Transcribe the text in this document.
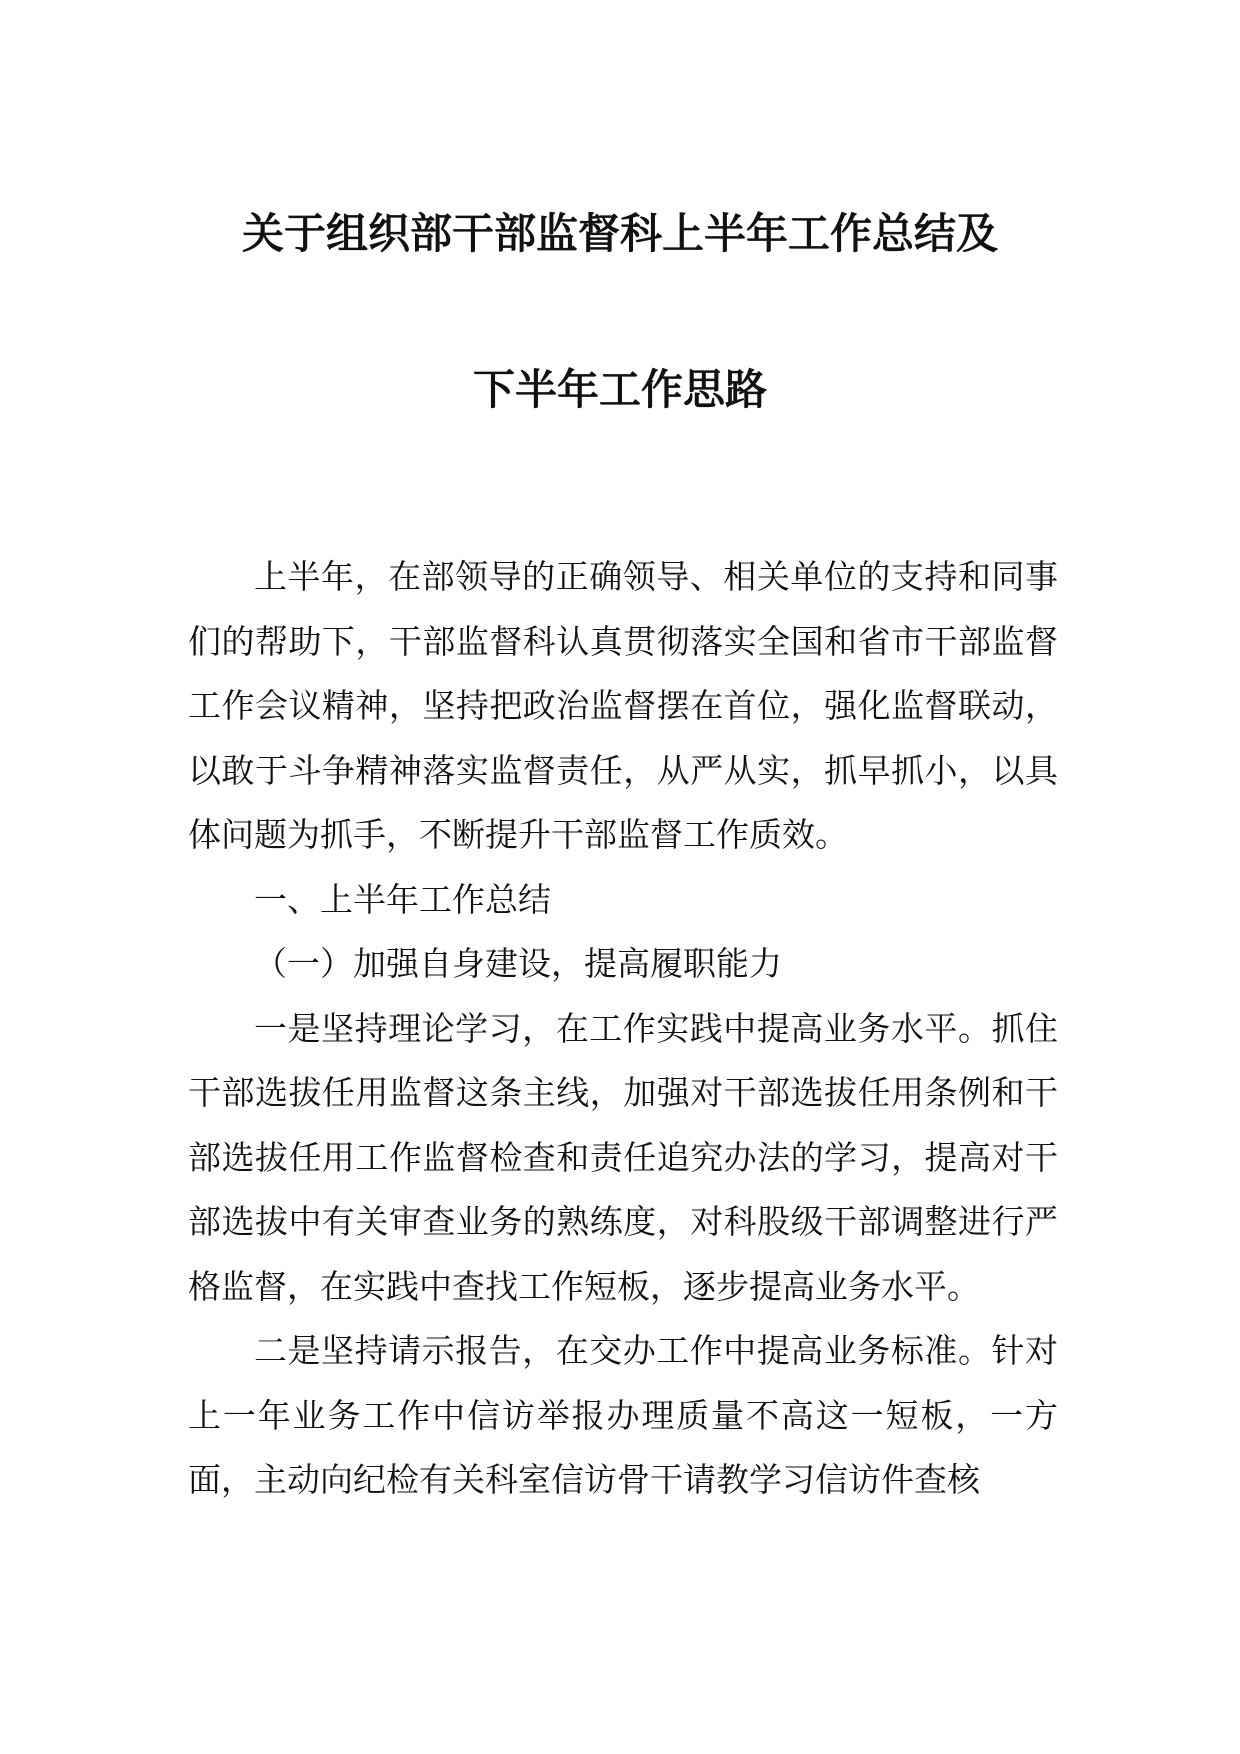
关于组织部干部监督科上半年工作总结及
下半年工作思路

上半年，在部领导的正确领导、相关单位的支持和同事们的帮助下，干部监督科认真贯彻落实全国和省市干部监督工作会议精神，坚持把政治监督摆在首位，强化监督联动，以敢于斗争精神落实监督责任，从严从实，抓早抓小，以具体问题为抓手，不断提升干部监督工作质效。

一、上半年工作总结

（一）加强自身建设，提高履职能力

一是坚持理论学习，在工作实践中提高业务水平。抓住干部选拔任用监督这条主线，加强对干部选拔任用条例和干部选拔任用工作监督检查和责任追究办法的学习，提高对干部选拔中有关审查业务的熟练度，对科股级干部调整进行严格监督，在实践中查找工作短板，逐步提高业务水平。

二是坚持请示报告，在交办工作中提高业务标准。针对上一年业务工作中信访举报办理质量不高这一短板，一方面，主动向纪检有关科室信访骨干请教学习信访件查核
